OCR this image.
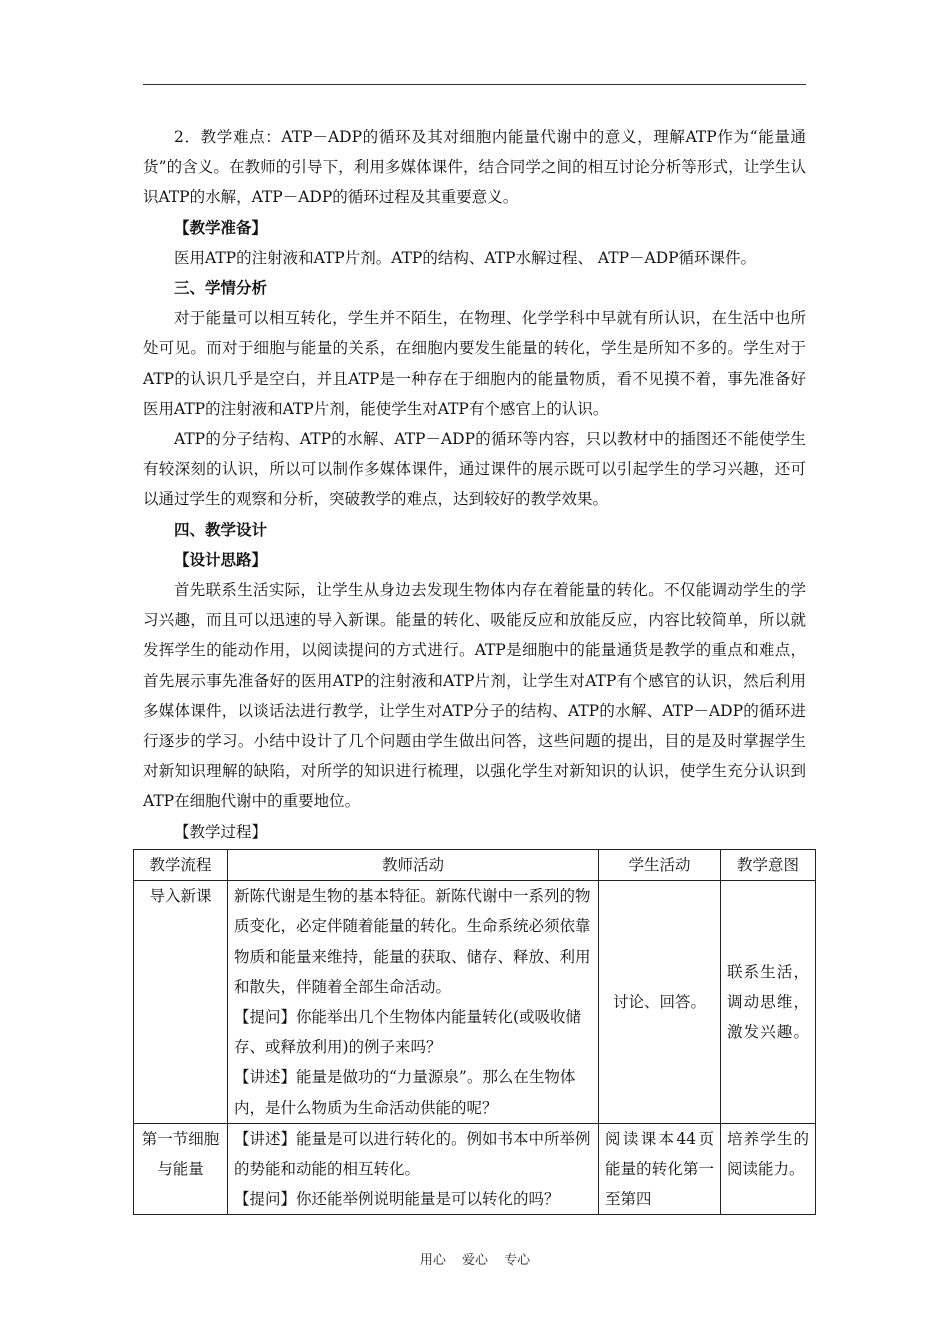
2．教学难点：ATP－ADP的循环及其对细胞内能量代谢中的意义，理解ATP作为“能量通货”的含义。在教师的引导下，利用多媒体课件，结合同学之间的相互讨论分析等形式，让学生认识ATP的水解，ATP－ADP的循环过程及其重要意义。

【教学准备】

医用ATP的注射液和ATP片剂。ATP的结构、ATP水解过程、 ATP－ADP循环课件。

三、学情分析

对于能量可以相互转化，学生并不陌生，在物理、化学学科中早就有所认识，在生活中也所处可见。而对于细胞与能量的关系，在细胞内要发生能量的转化，学生是所知不多的。学生对于ATP的认识几乎是空白，并且ATP是一种存在于细胞内的能量物质，看不见摸不着，事先准备好医用ATP的注射液和ATP片剂，能使学生对ATP有个感官上的认识。

ATP的分子结构、ATP的水解、ATP－ADP的循环等内容，只以教材中的插图还不能使学生有较深刻的认识，所以可以制作多媒体课件，通过课件的展示既可以引起学生的学习兴趣，还可以通过学生的观察和分析，突破教学的难点，达到较好的教学效果。

四、教学设计

【设计思路】

首先联系生活实际，让学生从身边去发现生物体内存在着能量的转化。不仅能调动学生的学习兴趣，而且可以迅速的导入新课。能量的转化、吸能反应和放能反应，内容比较简单，所以就发挥学生的能动作用，以阅读提问的方式进行。ATP是细胞中的能量通货是教学的重点和难点，首先展示事先准备好的医用ATP的注射液和ATP片剂，让学生对ATP有个感官的认识，然后利用多媒体课件，以谈话法进行教学，让学生对ATP分子的结构、ATP的水解、ATP－ADP的循环进行逐步的学习。小结中设计了几个问题由学生做出问答，这些问题的提出，目的是及时掌握学生对新知识理解的缺陷，对所学的知识进行梳理，以强化学生对新知识的认识，使学生充分认识到ATP在细胞代谢中的重要地位。

【教学过程】

教学流程	教师活动	学生活动	教学意图
导入新课	新陈代谢是生物的基本特征。新陈代谢中一系列的物质变化，必定伴随着能量的转化。生命系统必须依靠物质和能量来维持，能量的获取、储存、释放、利用和散失，伴随着全部生命活动。
【提问】你能举出几个生物体内能量转化(或吸收储存、或释放利用)的例子来吗？
【讲述】能量是做功的“力量源泉”。那么在生物体内，是什么物质为生命活动供能的呢？	讨论、回答。	联系生活，调动思维，激发兴趣。
第一节细胞与能量	【讲述】能量是可以进行转化的。例如书本中所举例的势能和动能的相互转化。
【提问】你还能举例说明能量是可以转化的吗？	阅读课本44页能量的转化第一至第四	培养学生的阅读能力。
用心 爱心 专心
